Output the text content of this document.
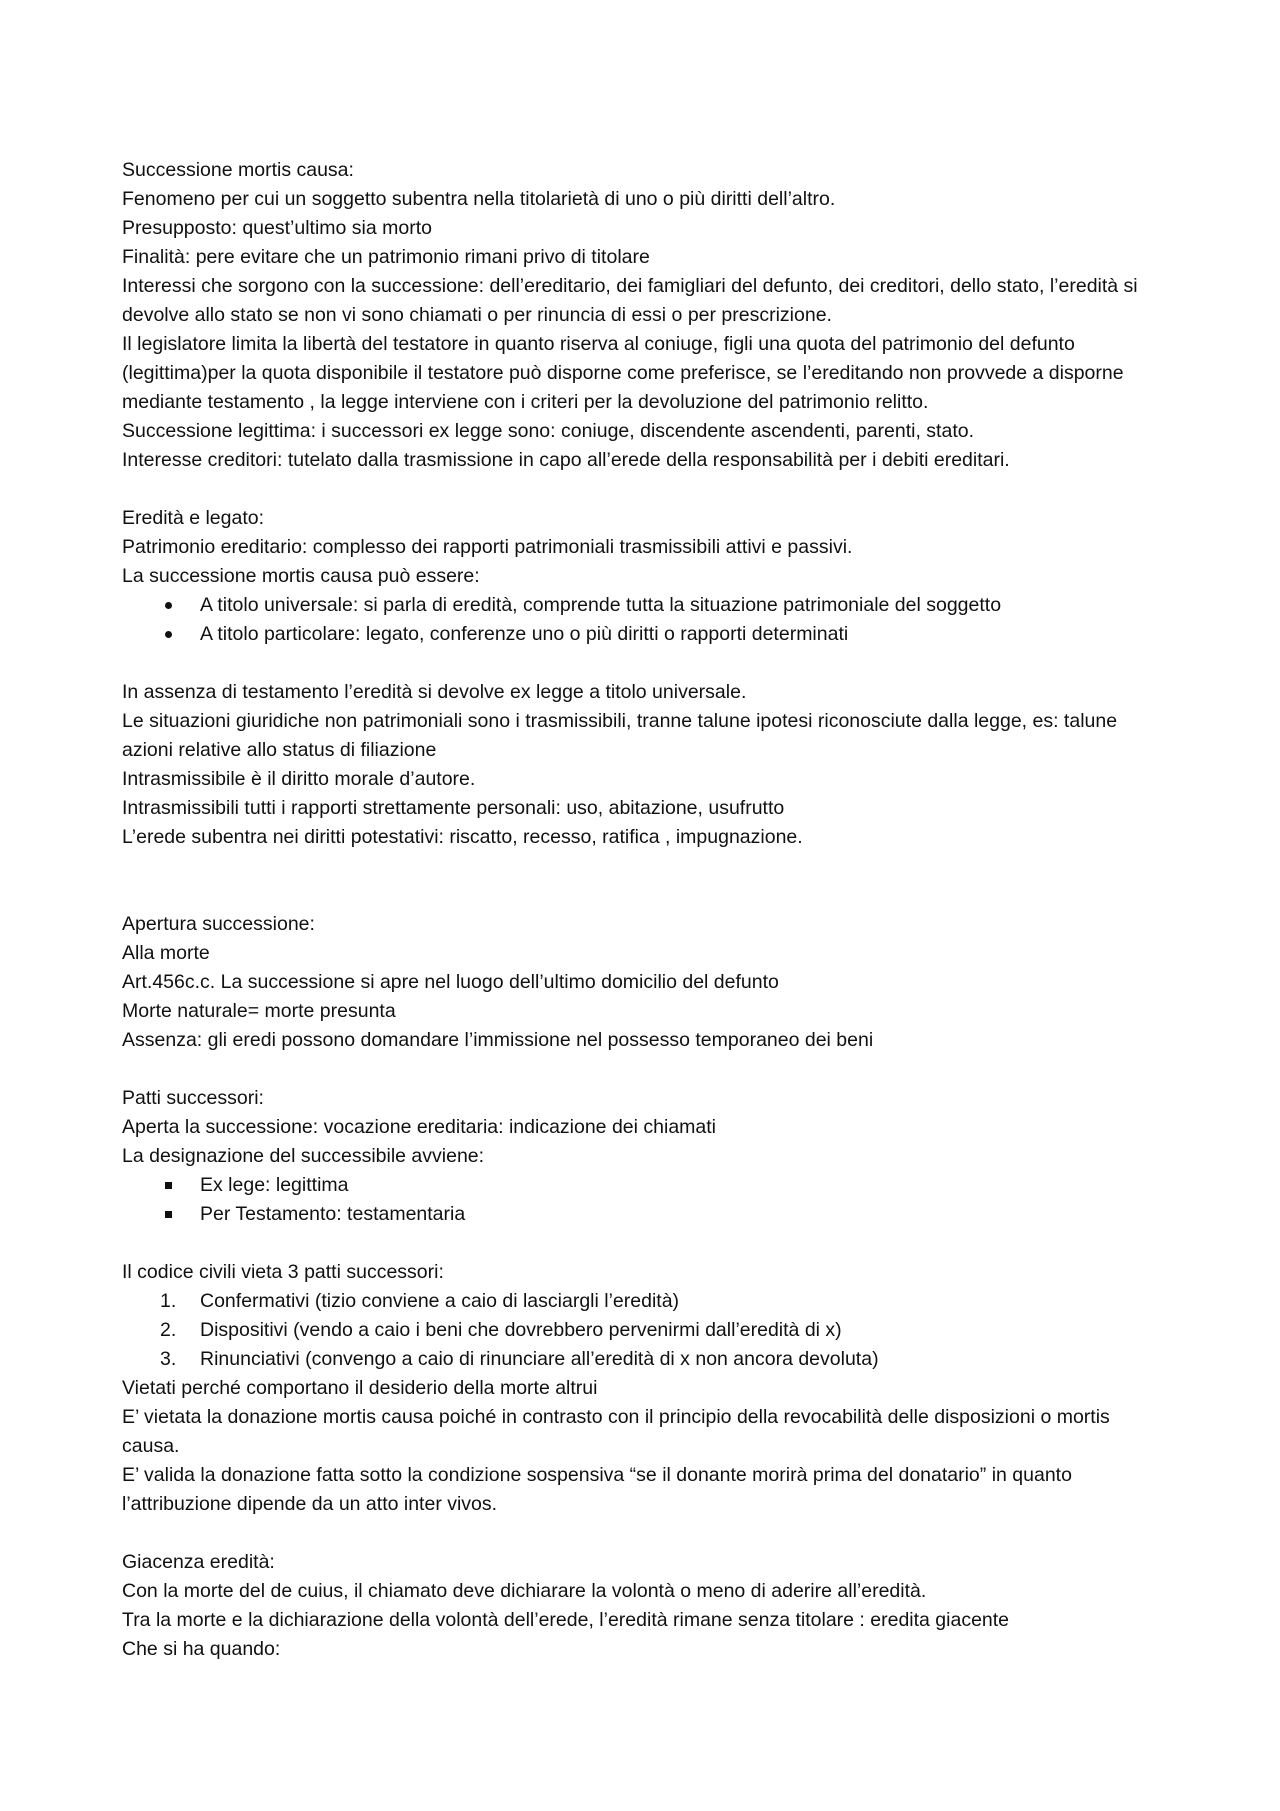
Successione mortis causa:

Fenomeno per cui un soggetto subentra nella titolarietà di uno o più diritti dell’altro.

Presupposto: quest’ultimo sia morto

Finalità: pere evitare che un patrimonio rimani privo di titolare

Interessi che sorgono con la successione: dell’ereditario, dei famigliari del defunto, dei creditori, dello stato, l’eredità si devolve allo stato se non vi sono chiamati o per rinuncia di essi o per prescrizione.

Il legislatore limita la libertà del testatore in quanto riserva al coniuge, figli una quota del patrimonio del defunto (legittima)per la quota disponibile il testatore può disporne come preferisce, se l’ereditando non provvede a disporne mediante testamento , la legge interviene con i criteri per la devoluzione del patrimonio relitto.

Successione legittima: i successori ex legge sono: coniuge, discendente ascendenti, parenti, stato.

Interesse creditori: tutelato dalla trasmissione in capo all’erede della responsabilità per i debiti ereditari.

Eredità e legato:

Patrimonio ereditario: complesso dei rapporti patrimoniali trasmissibili attivi e passivi.

La successione mortis causa può essere:

A titolo universale: si parla di eredità, comprende tutta la situazione patrimoniale del soggetto
A titolo particolare: legato, conferenze uno o più diritti o rapporti determinati

In assenza di testamento l’eredità si devolve ex legge a titolo universale.

Le situazioni giuridiche non patrimoniali sono i trasmissibili, tranne talune ipotesi riconosciute dalla legge, es: talune azioni relative allo status di filiazione

Intrasmissibile è il diritto morale d’autore.

Intrasmissibili tutti i rapporti strettamente personali: uso, abitazione, usufrutto

L’erede subentra nei diritti potestativi: riscatto, recesso, ratifica , impugnazione.

Apertura successione:

Alla morte

Art.456c.c. La successione si apre nel luogo dell’ultimo domicilio del defunto

Morte naturale= morte presunta

Assenza: gli eredi possono domandare l’immissione nel possesso temporaneo dei beni

Patti successori:

Aperta la successione: vocazione ereditaria: indicazione dei chiamati

La designazione del successibile avviene:

Ex lege: legittima
Per Testamento: testamentaria

Il codice civili vieta 3 patti successori:

1. Confermativi (tizio conviene a caio di lasciargli l’eredità)
2. Dispositivi (vendo a caio i beni che dovrebbero pervenirmi dall’eredità di x)
3. Rinunciativi (convengo a caio di rinunciare all’eredità di x non ancora devoluta)

Vietati perché comportano il desiderio della morte altrui

E’ vietata la donazione mortis causa poiché in contrasto con il principio della revocabilità delle disposizioni o mortis causa.

E’ valida la donazione fatta sotto la condizione sospensiva “se il donante morirà prima del donatario” in quanto l’attribuzione dipende da un atto inter vivos.

Giacenza eredità:

Con la morte del de cuius, il chiamato deve dichiarare la volontà o meno di aderire all’eredità.

Tra la morte e la dichiarazione della volontà dell’erede, l’eredità rimane senza titolare : eredita giacente

Che si ha quando:
